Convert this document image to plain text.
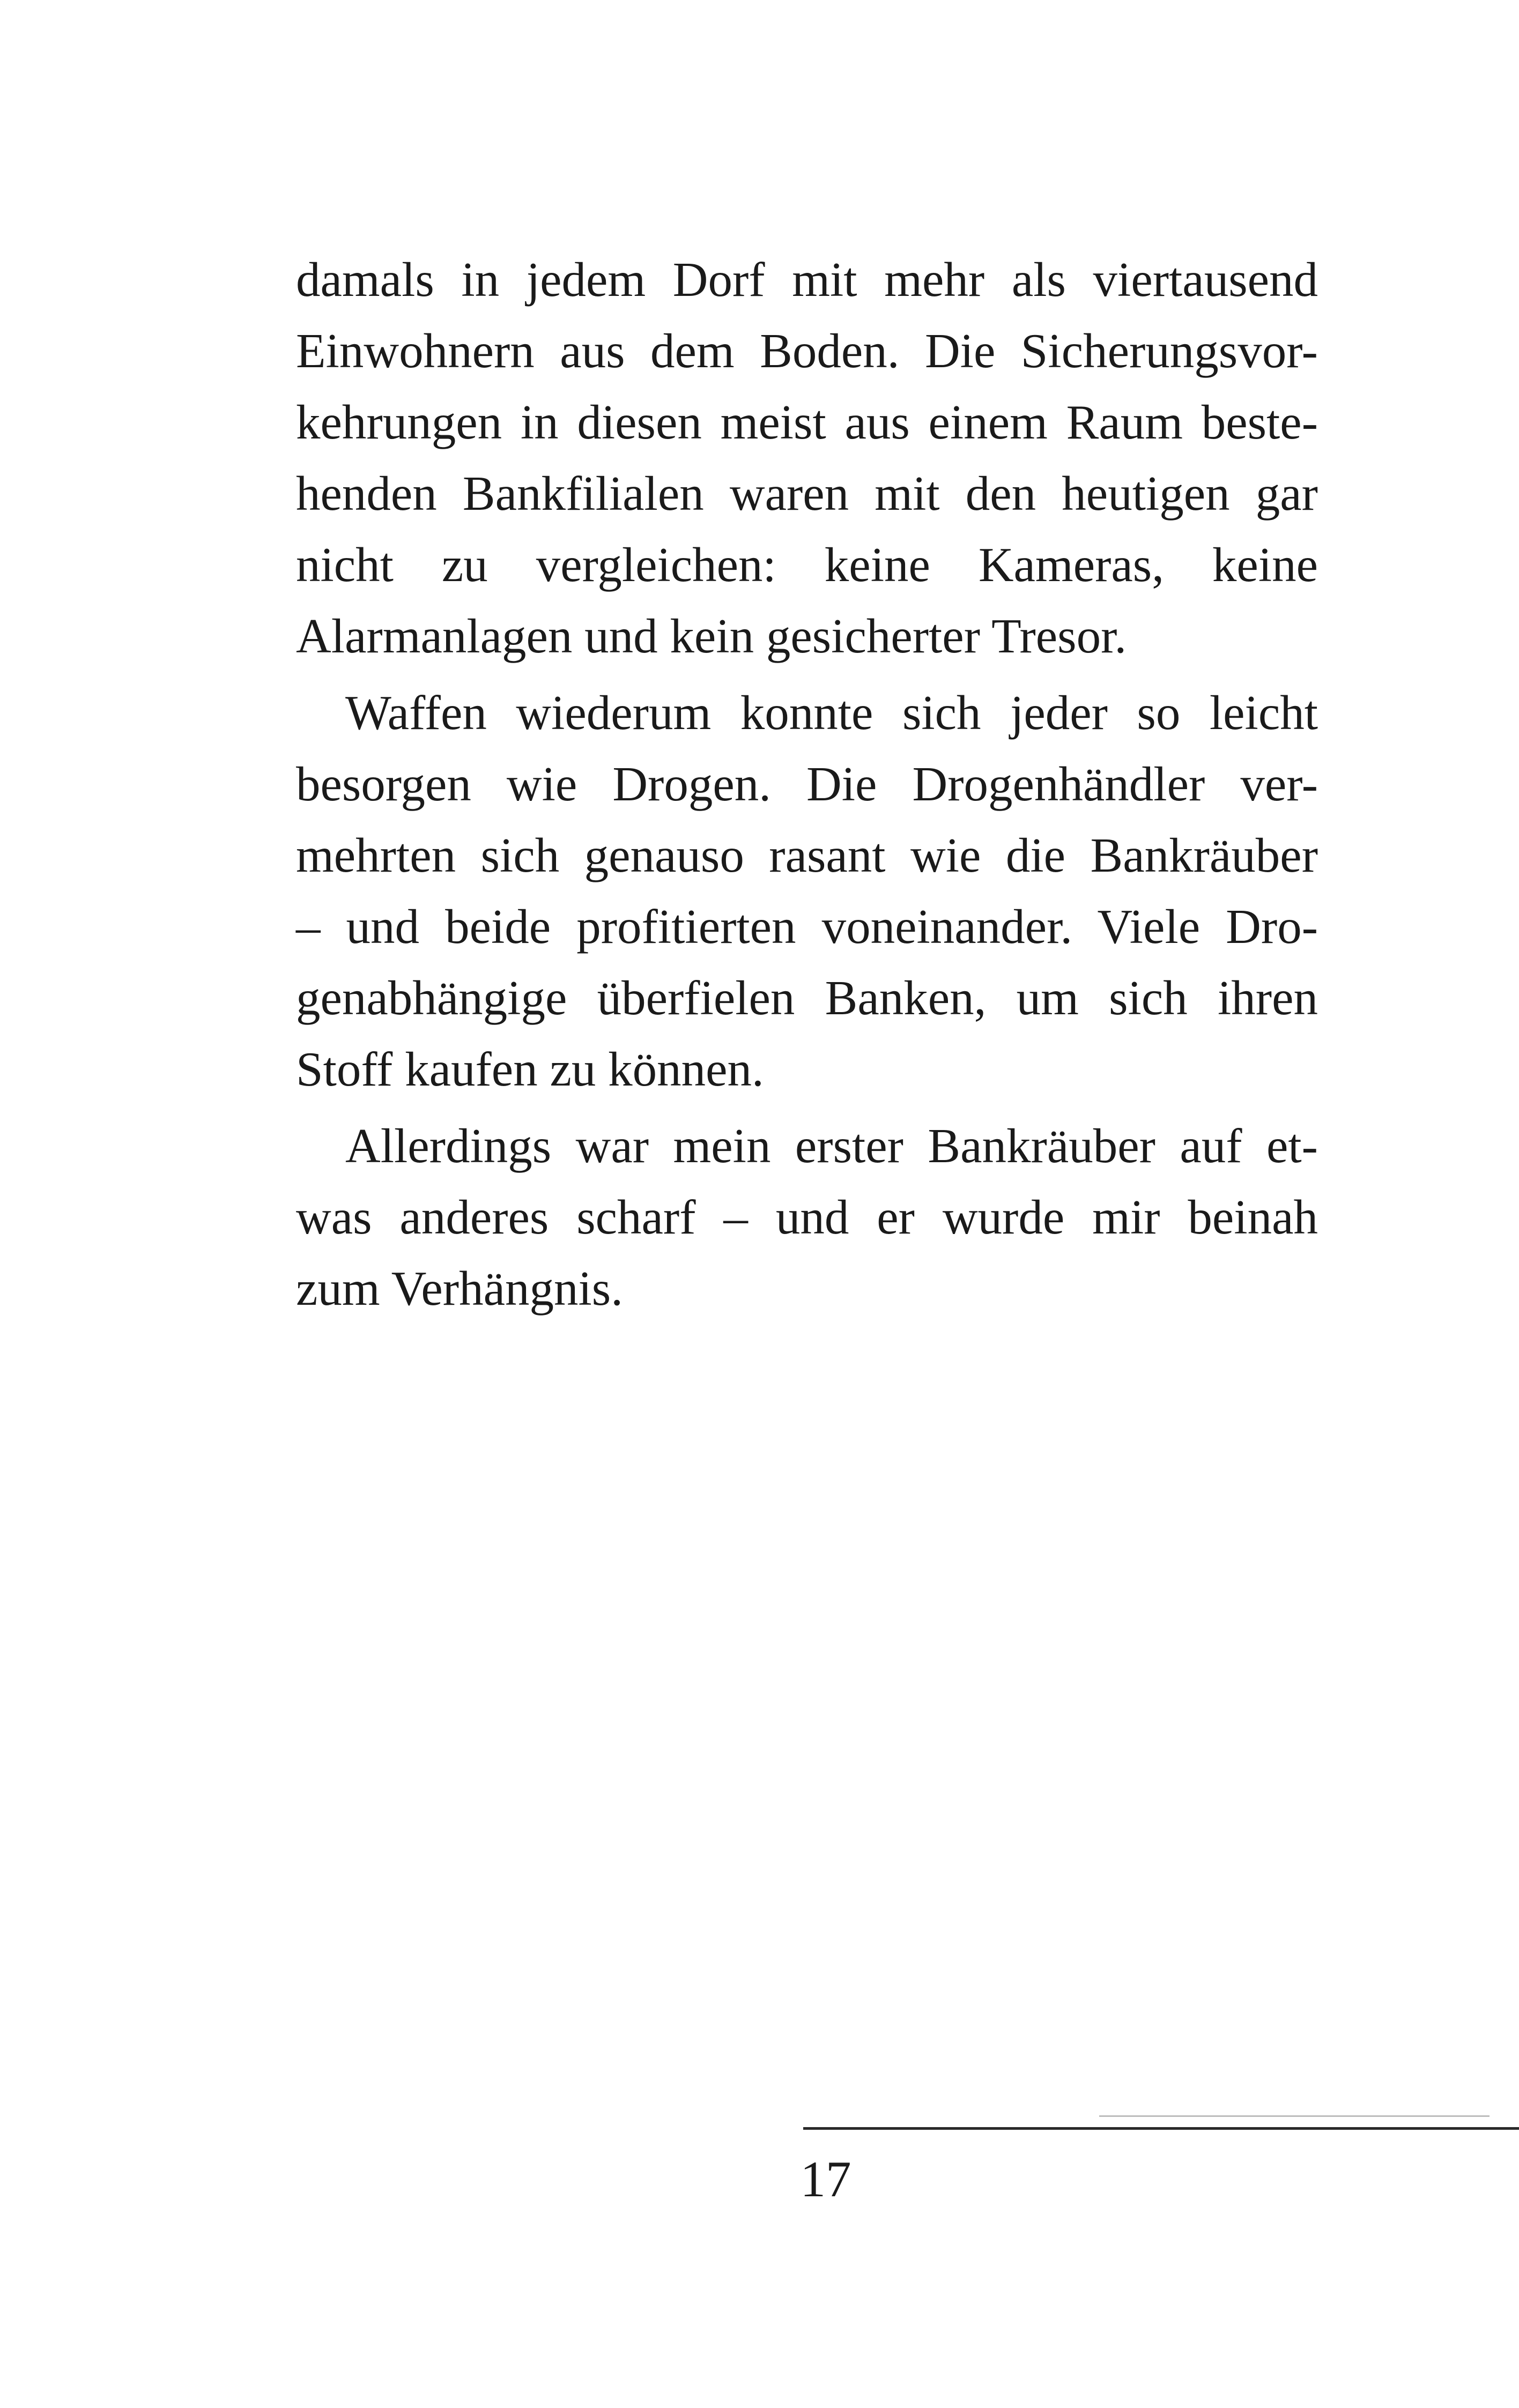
damals in jedem Dorf mit mehr als viertausend
Einwohnern aus dem Boden. Die Sicherungsvor-
kehrungen in diesen meist aus einem Raum beste-
henden Bankfilialen waren mit den heutigen gar
nicht zu vergleichen: keine Kameras, keine
Alarmanlagen und kein gesicherter Tresor.
Waffen wiederum konnte sich jeder so leicht
besorgen wie Drogen. Die Drogenhändler ver-
mehrten sich genauso rasant wie die Bankräuber
– und beide profitierten voneinander. Viele Dro-
genabhängige überfielen Banken, um sich ihren
Stoff kaufen zu können.
Allerdings war mein erster Bankräuber auf et-
was anderes scharf – und er wurde mir beinah
zum Verhängnis.
17
